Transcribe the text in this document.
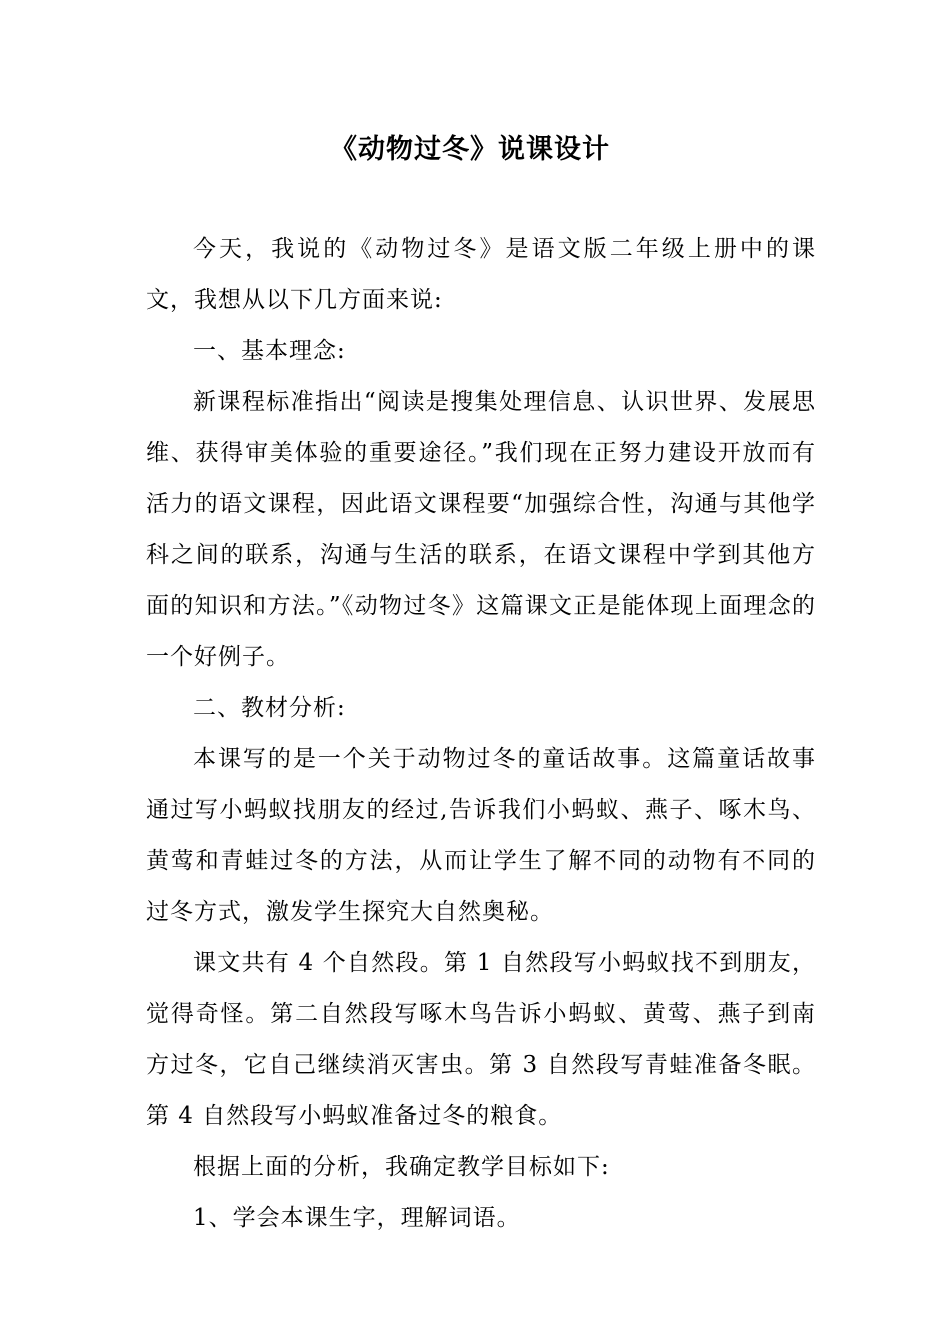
《动物过冬》说课设计

今天，我说的《动物过冬》是语文版二年级上册中的课文，我想从以下几方面来说:

一、基本理念:

新课程标准指出“阅读是搜集处理信息、认识世界、发展思维、获得审美体验的重要途径。”我们现在正努力建设开放而有活力的语文课程，因此语文课程要“加强综合性，沟通与其他学科之间的联系，沟通与生活的联系，在语文课程中学到其他方面的知识和方法。”《动物过冬》这篇课文正是能体现上面理念的一个好例子。

二、教材分析:

本课写的是一个关于动物过冬的童话故事。这篇童话故事通过写小蚂蚁找朋友的经过,告诉我们小蚂蚁、燕子、啄木鸟、黄莺和青蛙过冬的方法，从而让学生了解不同的动物有不同的过冬方式，激发学生探究大自然奥秘。

课文共有 4 个自然段。第 1 自然段写小蚂蚁找不到朋友，觉得奇怪。第二自然段写啄木鸟告诉小蚂蚁、黄莺、燕子到南方过冬，它自己继续消灭害虫。第 3 自然段写青蛙准备冬眠。第 4 自然段写小蚂蚁准备过冬的粮食。

根据上面的分析，我确定教学目标如下:

1、学会本课生字，理解词语。
